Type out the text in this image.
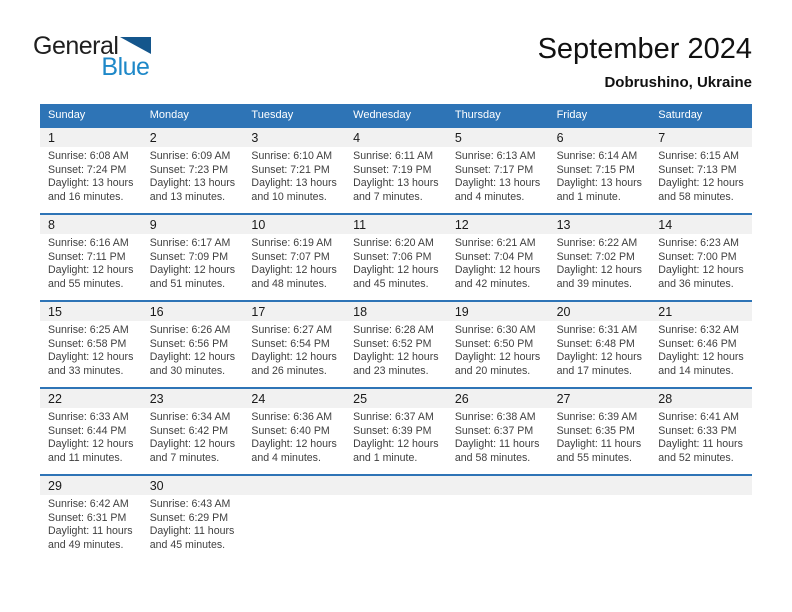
General
Blue
September 2024

Dobrushino, Ukraine

Sunday	Monday	Tuesday	Wednesday	Thursday	Friday	Saturday
1	2	3	4	5	6	7
Sunrise: 6:08 AM
Sunset: 7:24 PM
Daylight: 13 hours and 16 minutes.
Sunrise: 6:09 AM
Sunset: 7:23 PM
Daylight: 13 hours and 13 minutes.
Sunrise: 6:10 AM
Sunset: 7:21 PM
Daylight: 13 hours and 10 minutes.
Sunrise: 6:11 AM
Sunset: 7:19 PM
Daylight: 13 hours and 7 minutes.
Sunrise: 6:13 AM
Sunset: 7:17 PM
Daylight: 13 hours and 4 minutes.
Sunrise: 6:14 AM
Sunset: 7:15 PM
Daylight: 13 hours and 1 minute.
Sunrise: 6:15 AM
Sunset: 7:13 PM
Daylight: 12 hours and 58 minutes.
8	9	10	11	12	13	14
Sunrise: 6:16 AM
Sunset: 7:11 PM
Daylight: 12 hours and 55 minutes.
Sunrise: 6:17 AM
Sunset: 7:09 PM
Daylight: 12 hours and 51 minutes.
Sunrise: 6:19 AM
Sunset: 7:07 PM
Daylight: 12 hours and 48 minutes.
Sunrise: 6:20 AM
Sunset: 7:06 PM
Daylight: 12 hours and 45 minutes.
Sunrise: 6:21 AM
Sunset: 7:04 PM
Daylight: 12 hours and 42 minutes.
Sunrise: 6:22 AM
Sunset: 7:02 PM
Daylight: 12 hours and 39 minutes.
Sunrise: 6:23 AM
Sunset: 7:00 PM
Daylight: 12 hours and 36 minutes.
15	16	17	18	19	20	21
Sunrise: 6:25 AM
Sunset: 6:58 PM
Daylight: 12 hours and 33 minutes.
Sunrise: 6:26 AM
Sunset: 6:56 PM
Daylight: 12 hours and 30 minutes.
Sunrise: 6:27 AM
Sunset: 6:54 PM
Daylight: 12 hours and 26 minutes.
Sunrise: 6:28 AM
Sunset: 6:52 PM
Daylight: 12 hours and 23 minutes.
Sunrise: 6:30 AM
Sunset: 6:50 PM
Daylight: 12 hours and 20 minutes.
Sunrise: 6:31 AM
Sunset: 6:48 PM
Daylight: 12 hours and 17 minutes.
Sunrise: 6:32 AM
Sunset: 6:46 PM
Daylight: 12 hours and 14 minutes.
22	23	24	25	26	27	28
Sunrise: 6:33 AM
Sunset: 6:44 PM
Daylight: 12 hours and 11 minutes.
Sunrise: 6:34 AM
Sunset: 6:42 PM
Daylight: 12 hours and 7 minutes.
Sunrise: 6:36 AM
Sunset: 6:40 PM
Daylight: 12 hours and 4 minutes.
Sunrise: 6:37 AM
Sunset: 6:39 PM
Daylight: 12 hours and 1 minute.
Sunrise: 6:38 AM
Sunset: 6:37 PM
Daylight: 11 hours and 58 minutes.
Sunrise: 6:39 AM
Sunset: 6:35 PM
Daylight: 11 hours and 55 minutes.
Sunrise: 6:41 AM
Sunset: 6:33 PM
Daylight: 11 hours and 52 minutes.
29	30
Sunrise: 6:42 AM
Sunset: 6:31 PM
Daylight: 11 hours and 49 minutes.
Sunrise: 6:43 AM
Sunset: 6:29 PM
Daylight: 11 hours and 45 minutes.
